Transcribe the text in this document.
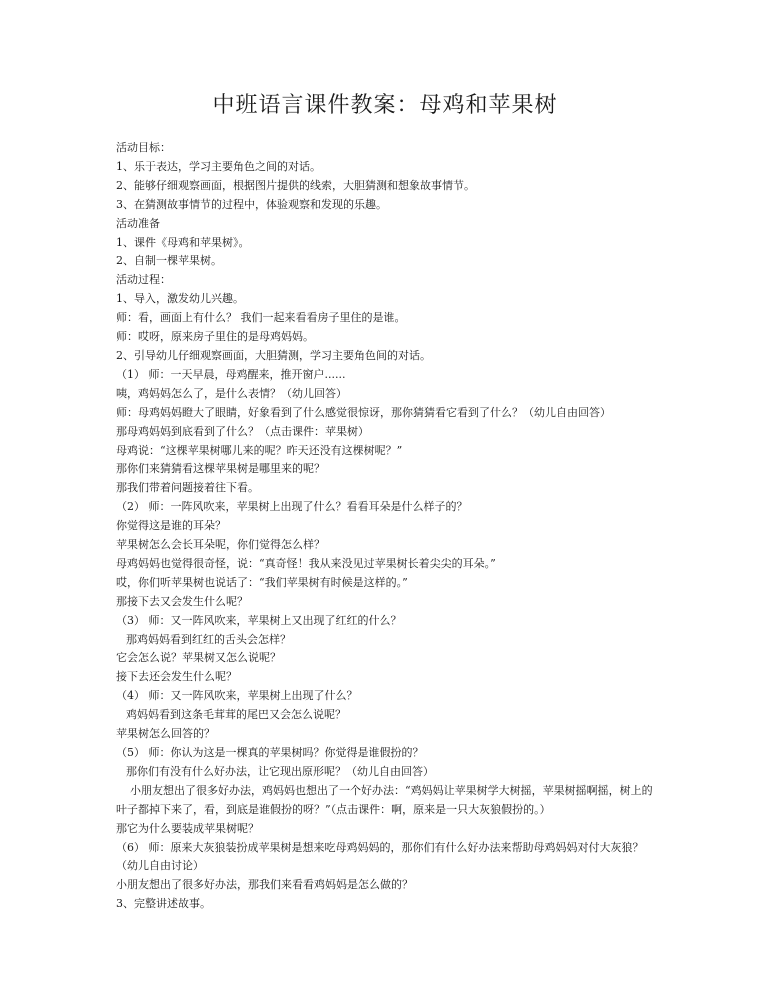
中班语言课件教案：母鸡和苹果树
活动目标：
1、乐于表达，学习主要角色之间的对话。
2、能够仔细观察画面，根据图片提供的线索，大胆猜测和想象故事情节。
3、在猜测故事情节的过程中，体验观察和发现的乐趣。
活动准备
1、课件《母鸡和苹果树》。
2、自制一棵苹果树。
活动过程：
1、导入，激发幼儿兴趣。
师：看，画面上有什么？ 我们一起来看看房子里住的是谁。
师：哎呀，原来房子里住的是母鸡妈妈。
2、引导幼儿仔细观察画面，大胆猜测，学习主要角色间的对话。
（1） 师：一天早晨，母鸡醒来，推开窗户......
咦，鸡妈妈怎么了，是什么表情？（幼儿回答）
师：母鸡妈妈瞪大了眼睛，好象看到了什么感觉很惊讶，那你猜猜看它看到了什么？（幼儿自由回答）
那母鸡妈妈到底看到了什么？（点击课件：苹果树）
母鸡说：“这棵苹果树哪儿来的呢？昨天还没有这棵树呢？”
那你们来猜猜看这棵苹果树是哪里来的呢？
那我们带着问题接着往下看。
（2） 师：一阵风吹来，苹果树上出现了什么？看看耳朵是什么样子的？
你觉得这是谁的耳朵？
苹果树怎么会长耳朵呢，你们觉得怎么样？
母鸡妈妈也觉得很奇怪，说：“真奇怪！我从来没见过苹果树长着尖尖的耳朵。”
哎，你们听苹果树也说话了：“我们苹果树有时候是这样的。”
那接下去又会发生什么呢？
（3） 师：又一阵风吹来，苹果树上又出现了红红的什么？
那鸡妈妈看到红红的舌头会怎样？
它会怎么说？苹果树又怎么说呢？
接下去还会发生什么呢？
（4） 师：又一阵风吹来，苹果树上出现了什么？
鸡妈妈看到这条毛茸茸的尾巴又会怎么说呢？
苹果树怎么回答的？
（5） 师：你认为这是一棵真的苹果树吗？你觉得是谁假扮的？
那你们有没有什么好办法，让它现出原形呢？（幼儿自由回答）
小朋友想出了很多好办法，鸡妈妈也想出了一个好办法：“鸡妈妈让苹果树学大树摇，苹果树摇啊摇，树上的叶子都掉下来了，看，到底是谁假扮的呀？”（点击课件：啊，原来是一只大灰狼假扮的。）
那它为什么要装成苹果树呢？
（6） 师：原来大灰狼装扮成苹果树是想来吃母鸡妈妈的，那你们有什么好办法来帮助母鸡妈妈对付大灰狼？（幼儿自由讨论）
小朋友想出了很多好办法，那我们来看看鸡妈妈是怎么做的？
3、完整讲述故事。
